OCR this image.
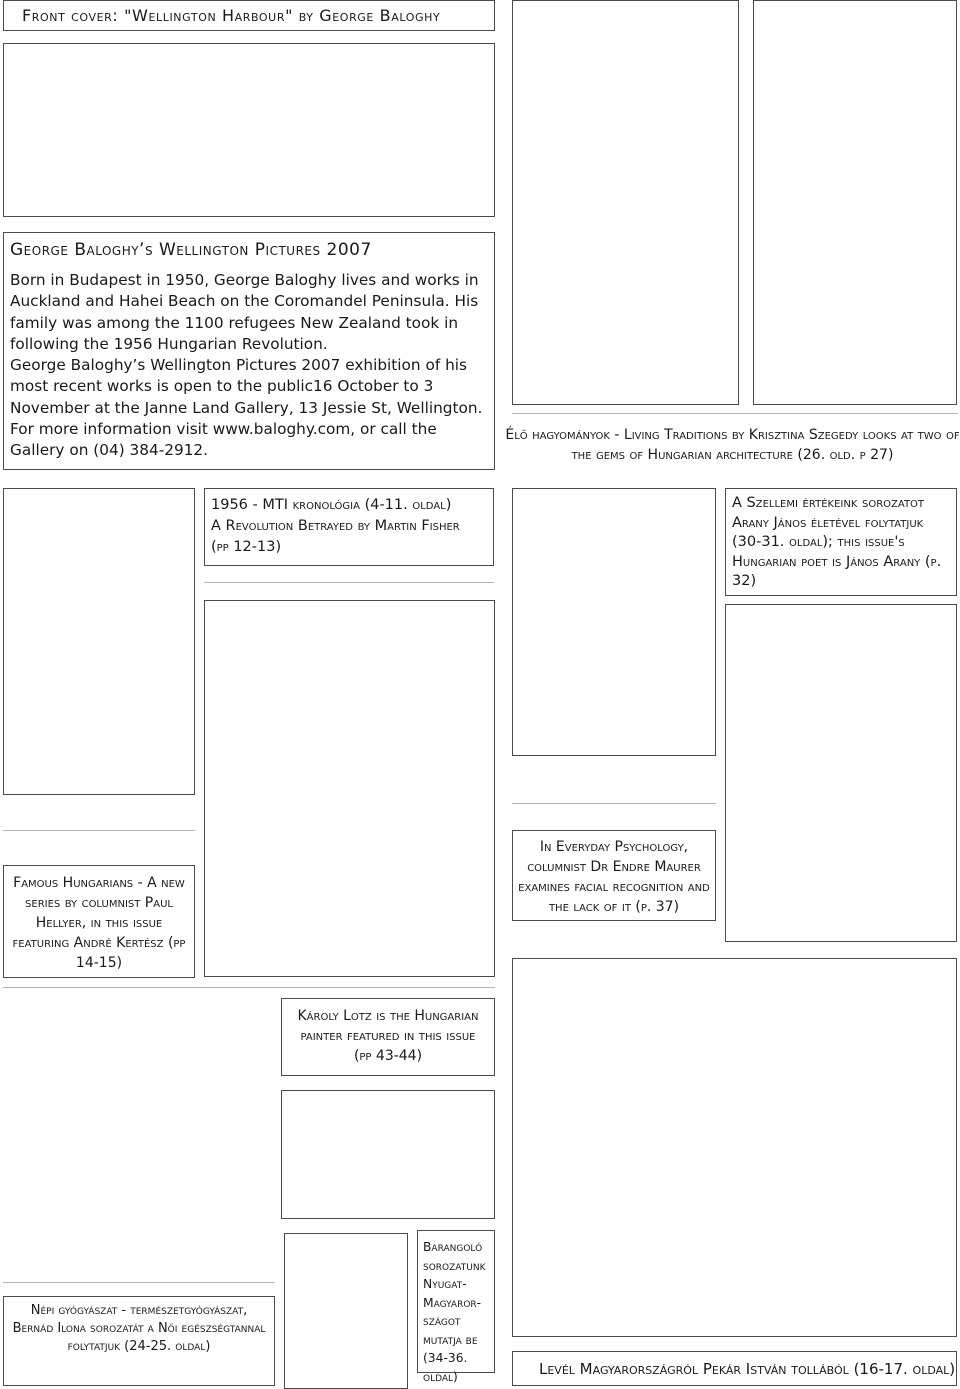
Front cover: "Wellington Harbour" by George Baloghy
George Baloghy’s Wellington Pictures 2007

Born in Budapest in 1950, George Baloghy lives and works in Auckland and Hahei Beach on the Coromandel Peninsula. His family was among the 1100 refugees New Zealand took in following the 1956 Hungarian Revolution.

George Baloghy’s Wellington Pictures 2007 exhibition of his most recent works is open to the public16 October to 3 November at the Janne Land Gallery, 13 Jessie St, Wellington.

For more information visit www.baloghy.com, or call the Gallery on (04) 384-2912.

Élő hagyományok - Living Traditions by Krisztina Szegedy looks at two of the gems of Hungarian architecture (26. old. p 27)
1956 - MTI kronológia (4-11. oldal)
A Revolution Betrayed by Martin Fisher
(pp 12-13)
A Szellemi értékeink sorozatot Arany János életével folytatjuk (30-31. oldal); this issue's Hungarian poet is János Arany (p. 32)
Famous Hungarians - A new series by columnist Paul Hellyer, in this issue featuring André Kertész (pp 14-15)
In Everyday Psychology, columnist Dr Endre Maurer examines facial recognition and the lack of it (p. 37)
Károly Lotz is the Hungarian
painter featured in this issue
(pp 43-44)
Barangoló sorozatunk Nyugat-Magyaror-szágot mutatja be (34-36. oldal)
Népi gyógyászat - természetgyógyászat, Bernád Ilona sorozatát a Női egészségtannal folytatjuk (24-25. oldal)
Levél Magyarországról Pekár István tollából (16-17. oldal)
